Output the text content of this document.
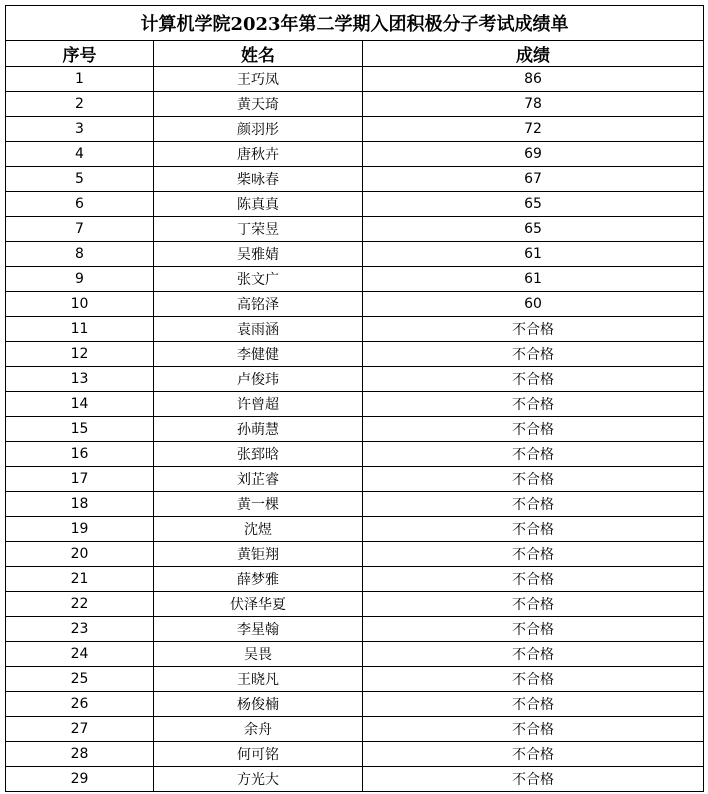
计算机学院2023年第二学期入团积极分子考试成绩单		
序号	姓名	成绩
1	王巧凤	86
2	黄天琦	78
3	颜羽彤	72
4	唐秋卉	69
5	柴咏春	67
6	陈真真	65
7	丁荣昱	65
8	吴雅婧	61
9	张文广	61
10	高铭泽	60
11	袁雨涵	不合格
12	李健健	不合格
13	卢俊玮	不合格
14	许曾超	不合格
15	孙萌慧	不合格
16	张郅晗	不合格
17	刘芷睿	不合格
18	黄一棵	不合格
19	沈煜	不合格
20	黄钜翔	不合格
21	薛梦雅	不合格
22	伏泽华夏	不合格
23	李星翰	不合格
24	吴畏	不合格
25	王晓凡	不合格
26	杨俊楠	不合格
27	余舟	不合格
28	何可铭	不合格
29	方光大	不合格
